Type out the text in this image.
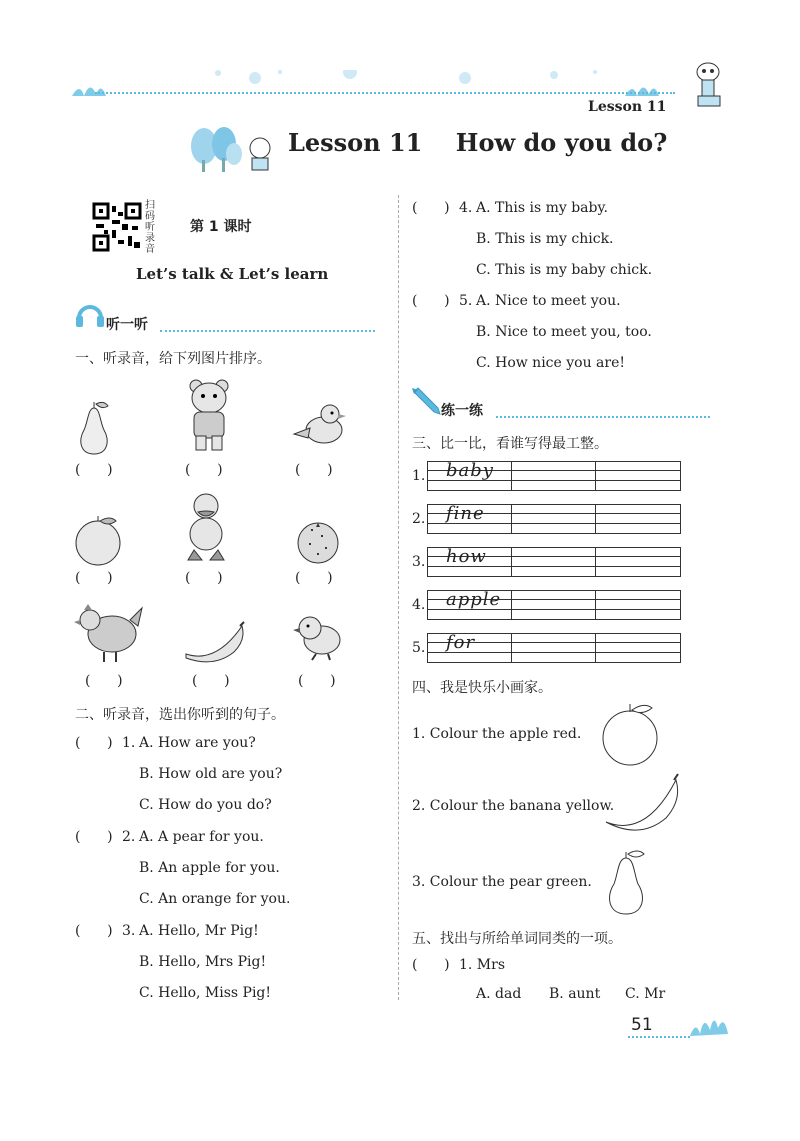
Lesson 11
Lesson 11    How do you do?
扫码听录音
第 1 课时
Let’s talk & Let’s learn
听一听
一、听录音，给下列图片排序。
(      )	(      )	(      )
(      )	(      )	(      )
(      )	(      )	(      )
二、听录音，选出你听到的句子。
(      ) 1. A. How are you?
B. How old are you?
C. How do you do?
(      ) 2. A. A pear for you.
B. An apple for you.
C. An orange for you.
(      ) 3. A. Hello, Mr Pig!
B. Hello, Mrs Pig!
C. Hello, Miss Pig!
(      ) 4. A. This is my baby.
B. This is my chick.
C. This is my baby chick.
(      ) 5. A. Nice to meet you.
B. Nice to meet you, too.
C. How nice you are!
练一练
三、比一比，看谁写得最工整。
1. baby
2. fine
3. how
4. apple
5. for
四、我是快乐小画家。
1. Colour the apple red.
2. Colour the banana yellow.
3. Colour the pear green.
五、找出与所给单词同类的一项。
(      ) 1. Mrs
A. dad B. aunt C. Mr
51
